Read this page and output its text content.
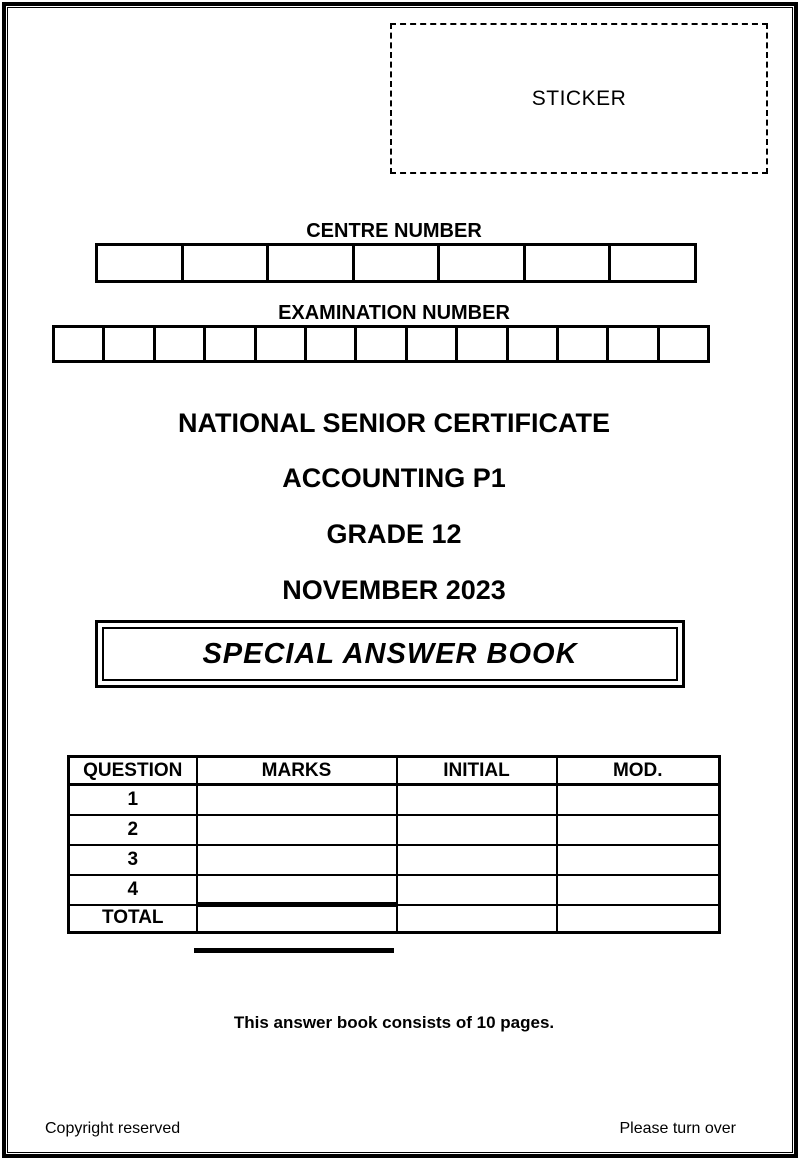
STICKER
CENTRE NUMBER
EXAMINATION NUMBER
NATIONAL SENIOR CERTIFICATE
ACCOUNTING P1
GRADE 12
NOVEMBER 2023
SPECIAL ANSWER BOOK
QUESTION	MARKS	INITIAL	MOD.
1			
2			
3			
4			
TOTAL			
This answer book consists of 10 pages.
Copyright reserved	Please turn over
